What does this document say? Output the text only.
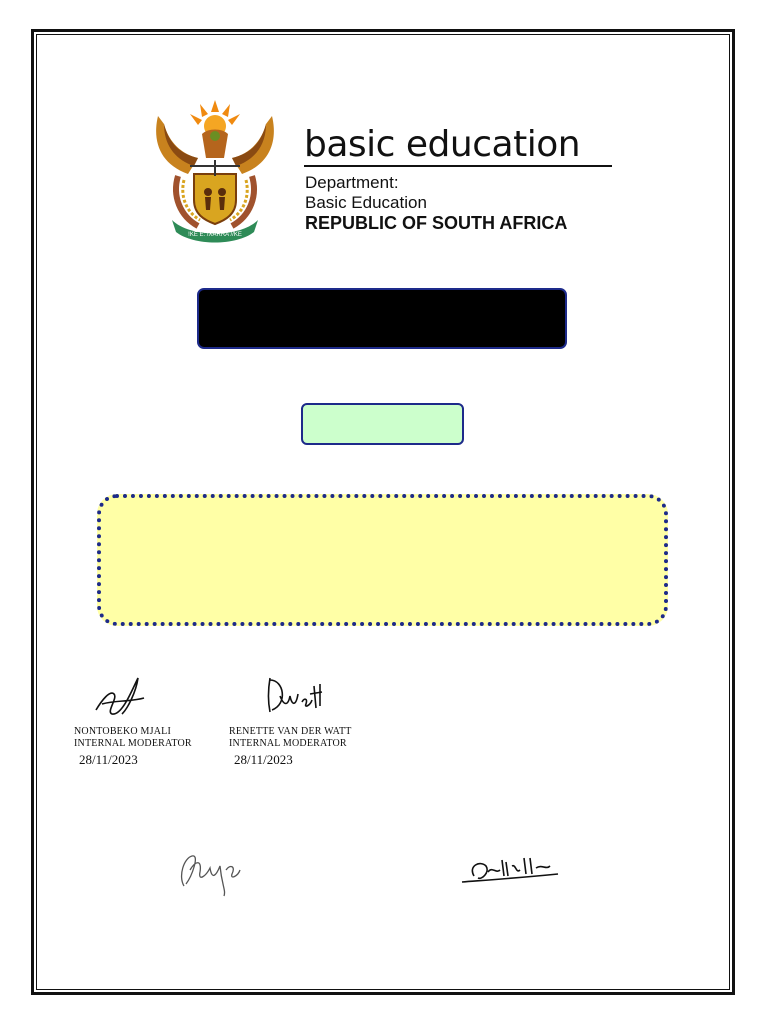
!KE E: /XARRA //KE
basic education
Department:
Basic Education
REPUBLIC OF SOUTH AFRICA
NONTOBEKO MJALI
INTERNAL MODERATOR
28/11/2023
RENETTE VAN DER WATT
INTERNAL MODERATOR
28/11/2023
